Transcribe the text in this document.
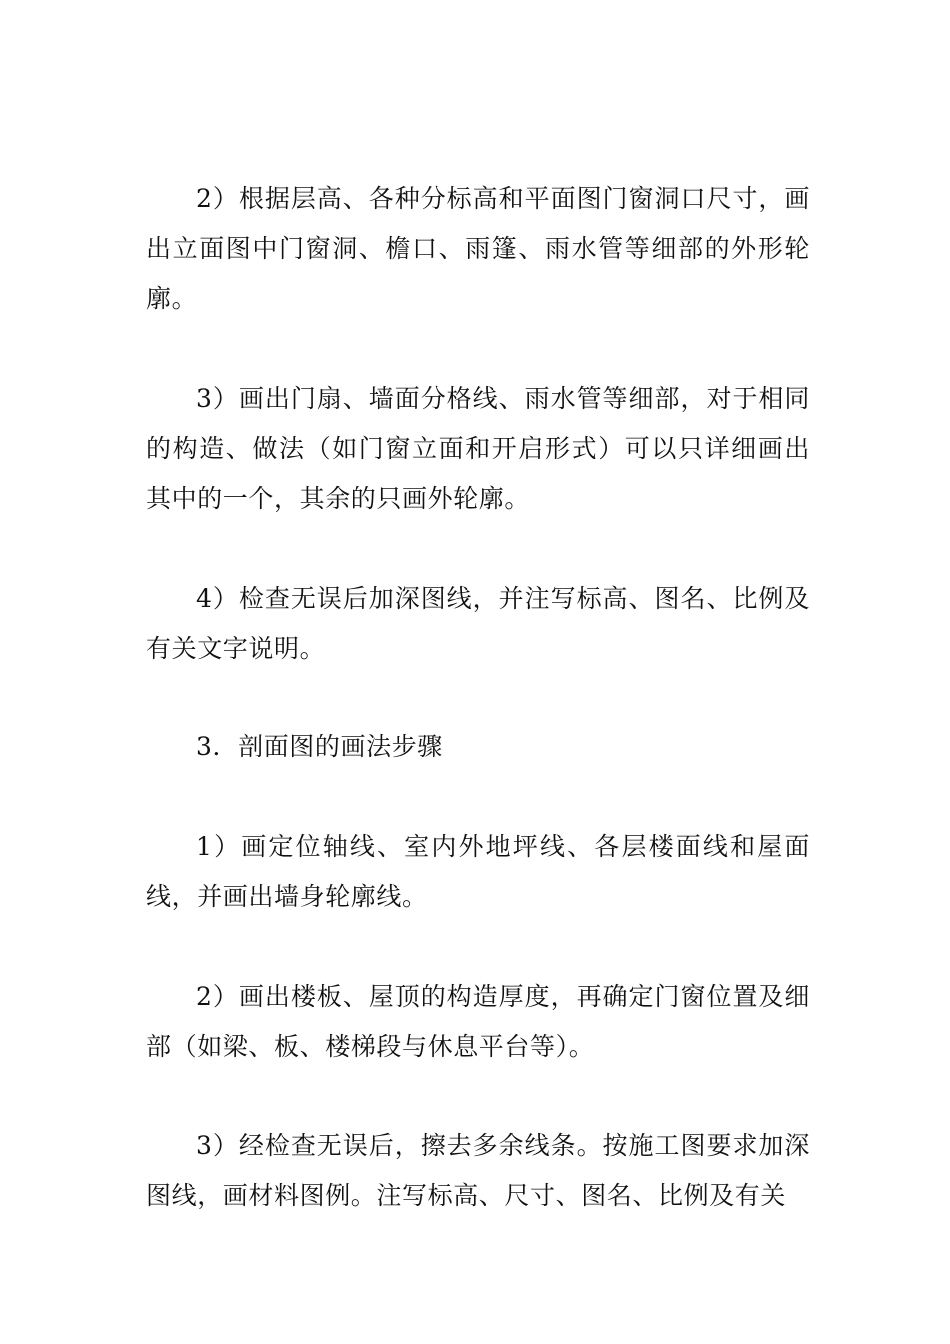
2）根据层高、各种分标高和平面图门窗洞口尺寸，画出立面图中门窗洞、檐口、雨篷、雨水管等细部的外形轮廓。

3）画出门扇、墙面分格线、雨水管等细部，对于相同的构造、做法（如门窗立面和开启形式）可以只详细画出其中的一个，其余的只画外轮廓。

4）检查无误后加深图线，并注写标高、图名、比例及有关文字说明。

3．剖面图的画法步骤

1）画定位轴线、室内外地坪线、各层楼面线和屋面线，并画出墙身轮廓线。

2）画出楼板、屋顶的构造厚度，再确定门窗位置及细部（如梁、板、楼梯段与休息平台等）。

3）经检查无误后，擦去多余线条。按施工图要求加深图线，画材料图例。注写标高、尺寸、图名、比例及有关
